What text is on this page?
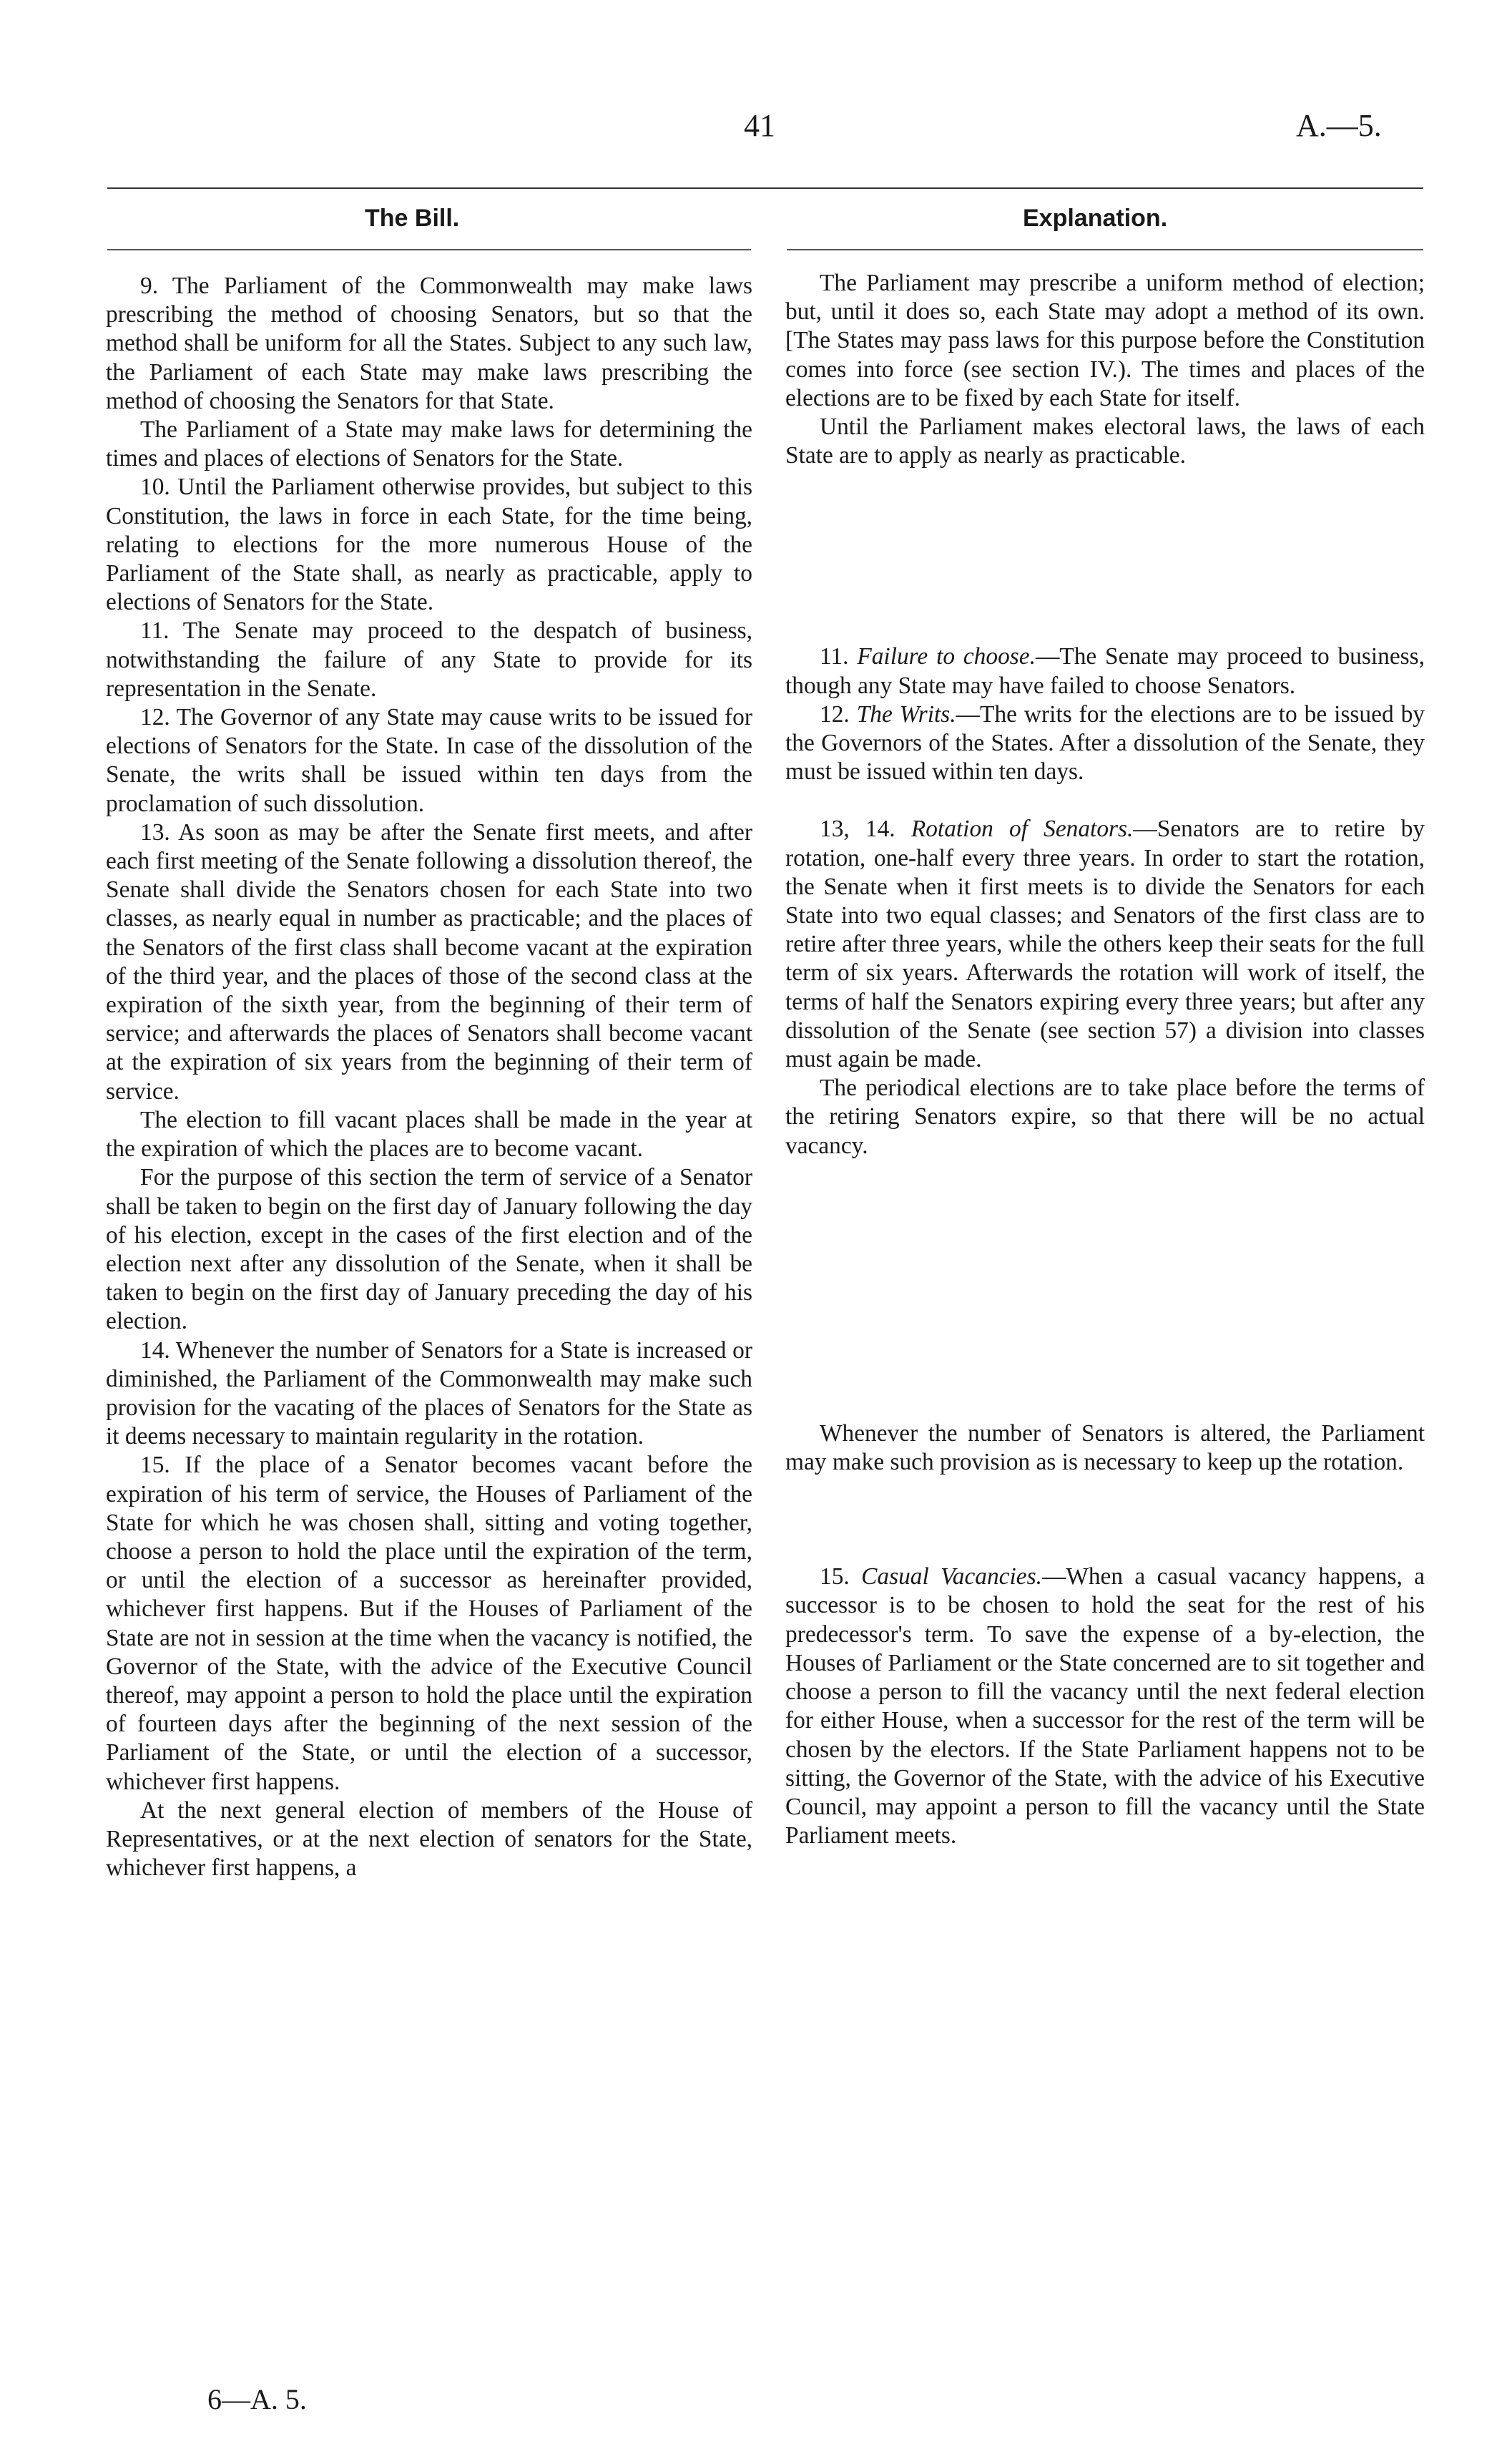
41	A.—5.
The Bill.	Explanation.

9. The Parliament of the Commonwealth may make laws prescribing the method of choosing Senators, but so that the method shall be uniform for all the States. Subject to any such law, the Parliament of each State may make laws prescribing the method of choosing the Senators for that State.

The Parliament of a State may make laws for determining the times and places of elections of Senators for the State.

10. Until the Parliament otherwise provides, but subject to this Constitution, the laws in force in each State, for the time being, relating to elections for the more numerous House of the Parliament of the State shall, as nearly as practicable, apply to elections of Senators for the State.

11. The Senate may proceed to the despatch of business, notwithstanding the failure of any State to provide for its representation in the Senate.

12. The Governor of any State may cause writs to be issued for elections of Senators for the State. In case of the dissolution of the Senate, the writs shall be issued within ten days from the proclamation of such dissolution.

13. As soon as may be after the Senate first meets, and after each first meeting of the Senate following a dissolution thereof, the Senate shall divide the Senators chosen for each State into two classes, as nearly equal in number as practicable; and the places of the Senators of the first class shall become vacant at the expiration of the third year, and the places of those of the second class at the expiration of the sixth year, from the beginning of their term of service; and afterwards the places of Senators shall become vacant at the expiration of six years from the beginning of their term of service.

The election to fill vacant places shall be made in the year at the expiration of which the places are to become vacant.

For the purpose of this section the term of service of a Senator shall be taken to begin on the first day of January following the day of his election, except in the cases of the first election and of the election next after any dissolution of the Senate, when it shall be taken to begin on the first day of January preceding the day of his election.

14. Whenever the number of Senators for a State is increased or diminished, the Parliament of the Commonwealth may make such provision for the vacating of the places of Senators for the State as it deems necessary to maintain regularity in the rotation.

15. If the place of a Senator becomes vacant before the expiration of his term of service, the Houses of Parliament of the State for which he was chosen shall, sitting and voting together, choose a person to hold the place until the expiration of the term, or until the election of a successor as hereinafter provided, whichever first happens. But if the Houses of Parliament of the State are not in session at the time when the vacancy is notified, the Governor of the State, with the advice of the Executive Council thereof, may appoint a person to hold the place until the expiration of fourteen days after the beginning of the next session of the Parliament of the State, or until the election of a successor, whichever first happens.

At the next general election of members of the House of Representatives, or at the next election of senators for the State, whichever first happens, a

The Parliament may prescribe a uniform method of election; but, until it does so, each State may adopt a method of its own. [The States may pass laws for this purpose before the Constitution comes into force (see section IV.). The times and places of the elections are to be fixed by each State for itself.

Until the Parliament makes electoral laws, the laws of each State are to apply as nearly as practicable.

11. Failure to choose.—The Senate may proceed to business, though any State may have failed to choose Senators.

12. The Writs.—The writs for the elections are to be issued by the Governors of the States. After a dissolution of the Senate, they must be issued within ten days.

13, 14. Rotation of Senators.—Senators are to retire by rotation, one-half every three years. In order to start the rotation, the Senate when it first meets is to divide the Senators for each State into two equal classes; and Senators of the first class are to retire after three years, while the others keep their seats for the full term of six years. Afterwards the rotation will work of itself, the terms of half the Senators expiring every three years; but after any dissolution of the Senate (see section 57) a division into classes must again be made.

The periodical elections are to take place before the terms of the retiring Senators expire, so that there will be no actual vacancy.

Whenever the number of Senators is altered, the Parliament may make such provision as is necessary to keep up the rotation.

15. Casual Vacancies.—When a casual vacancy happens, a successor is to be chosen to hold the seat for the rest of his predecessor's term. To save the expense of a by-election, the Houses of Parliament or the State concerned are to sit together and choose a person to fill the vacancy until the next federal election for either House, when a successor for the rest of the term will be chosen by the electors. If the State Parliament happens not to be sitting, the Governor of the State, with the advice of his Executive Council, may appoint a person to fill the vacancy until the State Parliament meets.

6—A. 5.
